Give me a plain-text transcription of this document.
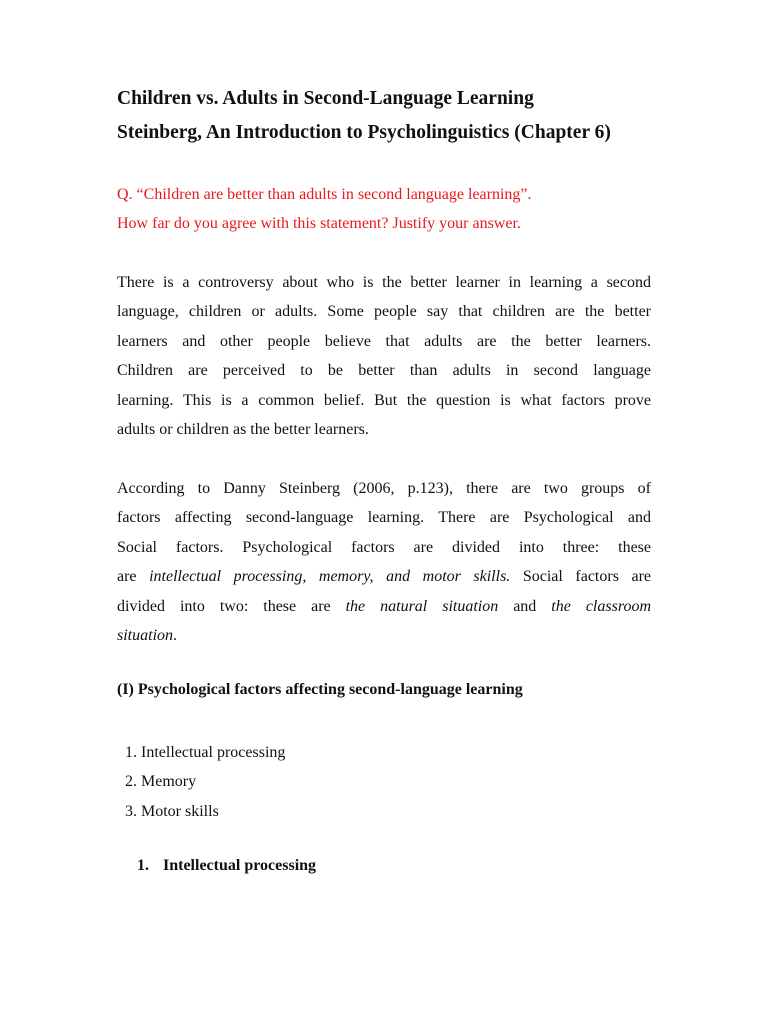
Children vs. Adults in Second-Language Learning
Steinberg, An Introduction to Psycholinguistics (Chapter 6)
Q. “Children are better than adults in second language learning”.
How far do you agree with this statement? Justify your answer.
There is a controversy about who is the better learner in learning a second
language, children or adults. Some people say that children are the better
learners and other people believe that adults are the better learners.
Children are perceived to be better than adults in second language
learning. This is a common belief. But the question is what factors prove
adults or children as the better learners.
According to Danny Steinberg (2006, p.123), there are two groups of
factors affecting second-language learning. There are Psychological and
Social factors. Psychological factors are divided into three: these
are intellectual processing, memory, and motor skills. Social factors are
divided into two: these are the natural situation and the classroom
situation.
(I) Psychological factors affecting second-language learning
1. Intellectual processing
2. Memory
3. Motor skills
1. Intellectual processing
